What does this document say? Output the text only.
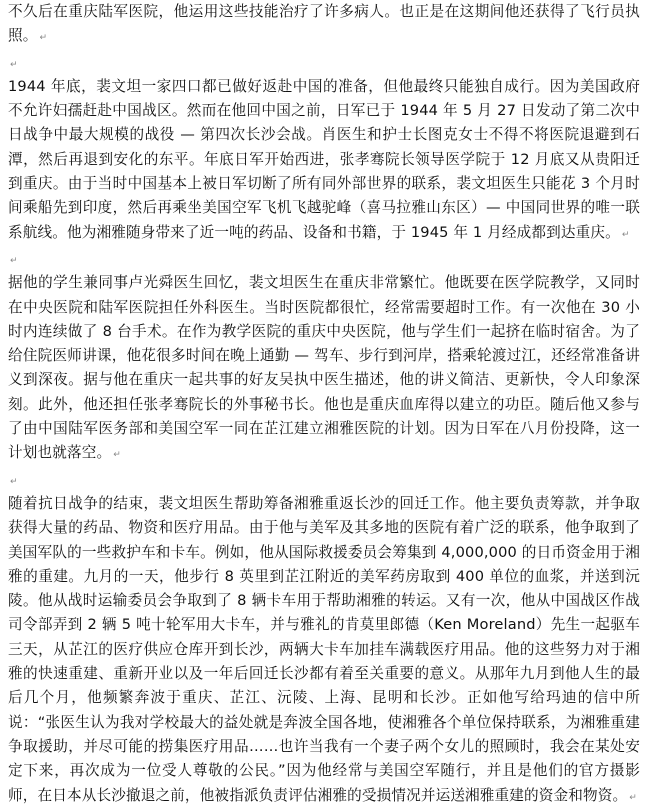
不久后在重庆陆军医院，他运用这些技能治疗了许多病人。也正是在这期间他还获得了飞行员执照。 ↵

↵

1944 年底，裴文坦一家四口都已做好返赴中国的准备，但他最终只能独自成行。因为美国政府不允许妇孺赶赴中国战区。然而在他回中国之前，日军已于 1944 年 5 月 27 日发动了第二次中日战争中最大规模的战役 — 第四次长沙会战。肖医生和护士长图克女士不得不将医院退避到石潭，然后再退到安化的东平。年底日军开始西进，张孝骞院长领导医学院于 12 月底又从贵阳迁到重庆。由于当时中国基本上被日军切断了所有同外部世界的联系，裴文坦医生只能花 3 个月时间乘船先到印度，然后再乘坐美国空军飞机飞越驼峰（喜马拉雅山东区）— 中国同世界的唯一联系航线。他为湘雅随身带来了近一吨的药品、设备和书籍，于 1945 年 1 月经成都到达重庆。 ↵

↵

据他的学生兼同事卢光舜医生回忆，裴文坦医生在重庆非常繁忙。他既要在医学院教学，又同时在中央医院和陆军医院担任外科医生。当时医院都很忙，经常需要超时工作。有一次他在 30 小时内连续做了 8 台手术。在作为教学医院的重庆中央医院，他与学生们一起挤在临时宿舍。为了给住院医师讲课，他花很多时间在晚上通勤 — 驾车、步行到河岸，搭乘轮渡过江，还经常准备讲义到深夜。据与他在重庆一起共事的好友吴执中医生描述，他的讲义简洁、更新快，令人印象深刻。此外，他还担任张孝骞院长的外事秘书长。他也是重庆血库得以建立的功臣。随后他又参与了由中国陆军医务部和美国空军一同在芷江建立湘雅医院的计划。因为日军在八月份投降，这一计划也就落空。 ↵

↵

随着抗日战争的结束，裴文坦医生帮助筹备湘雅重返长沙的回迁工作。他主要负责筹款，并争取获得大量的药品、物资和医疗用品。由于他与美军及其多地的医院有着广泛的联系，他争取到了美国军队的一些救护车和卡车。例如，他从国际救援委员会筹集到 4,000,000 的日币资金用于湘雅的重建。九月的一天，他步行 8 英里到芷江附近的美军药房取到 400 单位的血浆，并送到沅陵。他从战时运输委员会争取到了 8 辆卡车用于帮助湘雅的转运。又有一次，他从中国战区作战司令部弄到 2 辆 5 吨十轮军用大卡车，并与雅礼的肯莫里郎德（Ken Moreland）先生一起驱车三天，从芷江的医疗供应仓库开到长沙，两辆大卡车加挂车满载医疗用品。他的这些努力对于湘雅的快速重建、重新开业以及一年后回迁长沙都有着至关重要的意义。从那年九月到他人生的最后几个月，他频繁奔波于重庆、芷江、沅陵、上海、昆明和长沙。正如他写给玛迪的信中所说：“张医生认为我对学校最大的益处就是奔波全国各地，使湘雅各个单位保持联系，为湘雅重建争取援助，并尽可能的捞集医疗用品……也许当我有一个妻子两个女儿的照顾时，我会在某处安定下来，再次成为一位受人尊敬的公民。”因为他经常与美国空军随行，并且是他们的官方摄影师，在日本从长沙撤退之前，他被指派负责评估湘雅的受损情况并运送湘雅重建的资金和物资。 ↵
